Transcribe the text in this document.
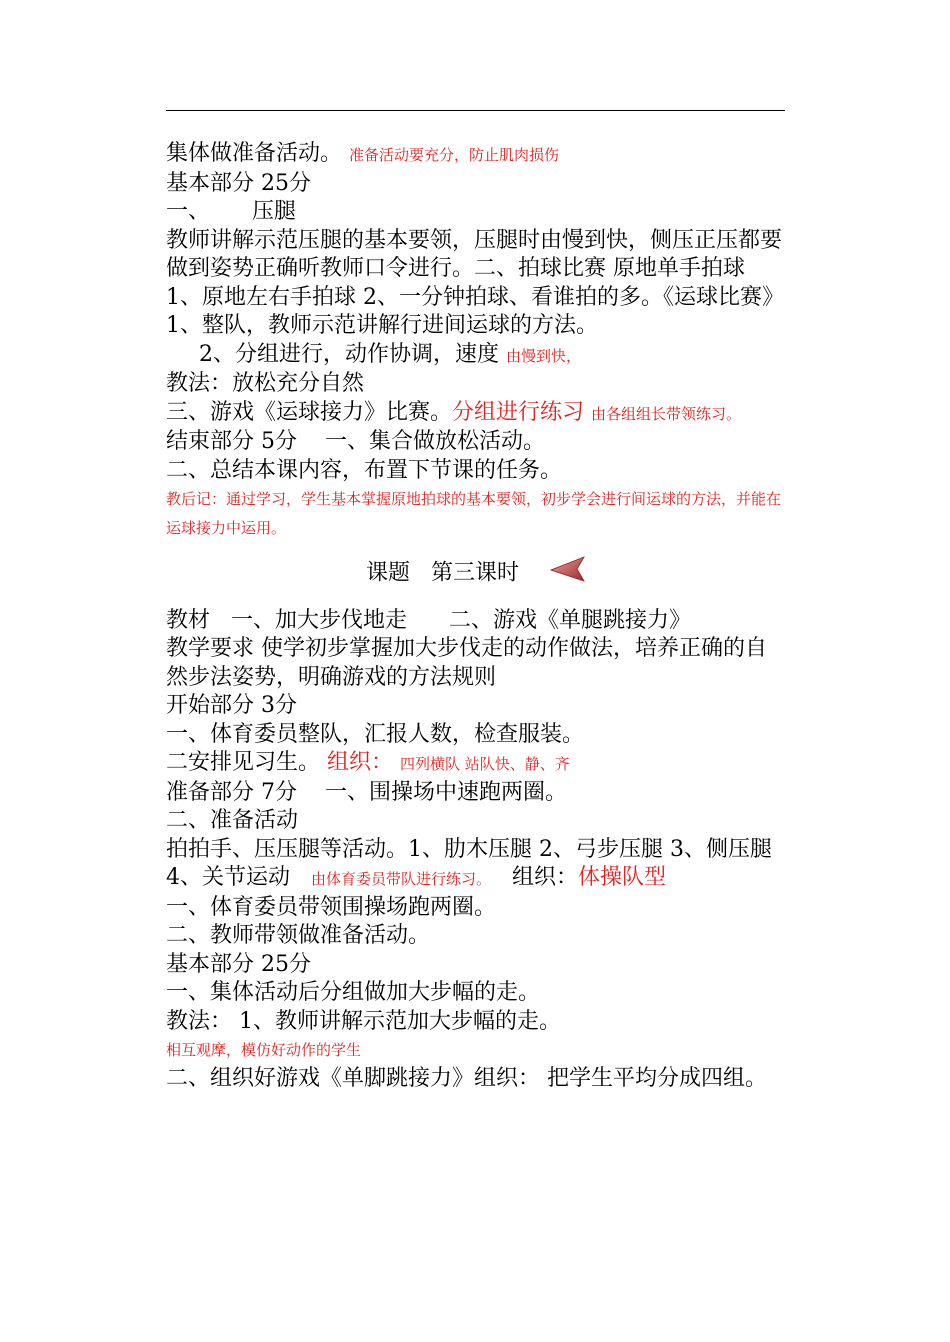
集体做准备活动。 准备活动要充分，防止肌肉损伤

基本部分 25分

一、      压腿

教师讲解示范压腿的基本要领，压腿时由慢到快，侧压正压都要 做到姿势正确听教师口令进行。二、拍球比赛 原地单手拍球 1、原地左右手拍球 2、一分钟拍球、看谁拍的多。《运球比赛》1、整队，教师示范讲解行进间运球的方法。

2、分组进行，动作协调，速度 由慢到快，

教法：放松充分自然

三、游戏《运球接力》比赛。分组进行练习 由各组组长带领练习。

结束部分 5分    一、集合做放松活动。

二、总结本课内容，布置下节课的任务。

教后记：通过学习，学生基本掌握原地拍球的基本要领，初步学会进行间运球的方法，并能在运球接力中运用。

课题   第三课时

教材   一、加大步伐地走      二、游戏《单腿跳接力》

教学要求 使学初步掌握加大步伐走的动作做法，培养正确的自然步法姿势，明确游戏的方法规则

开始部分 3分

一、体育委员整队，汇报人数，检查服装。

二安排见习生。 组织： 四列横队 站队快、静、齐

准备部分 7分    一、围操场中速跑两圈。

二、准备活动

拍拍手、压压腿等活动。1、肋木压腿 2、弓步压腿 3、侧压腿 4、关节运动 由体育委员带队进行练习。 组织：体操队型

一、体育委员带领围操场跑两圈。

二、教师带领做准备活动。

基本部分 25分

一、集体活动后分组做加大步幅的走。

教法： 1、教师讲解示范加大步幅的走。

相互观摩，模仿好动作的学生

二、组织好游戏《单脚跳接力》组织： 把学生平均分成四组。
